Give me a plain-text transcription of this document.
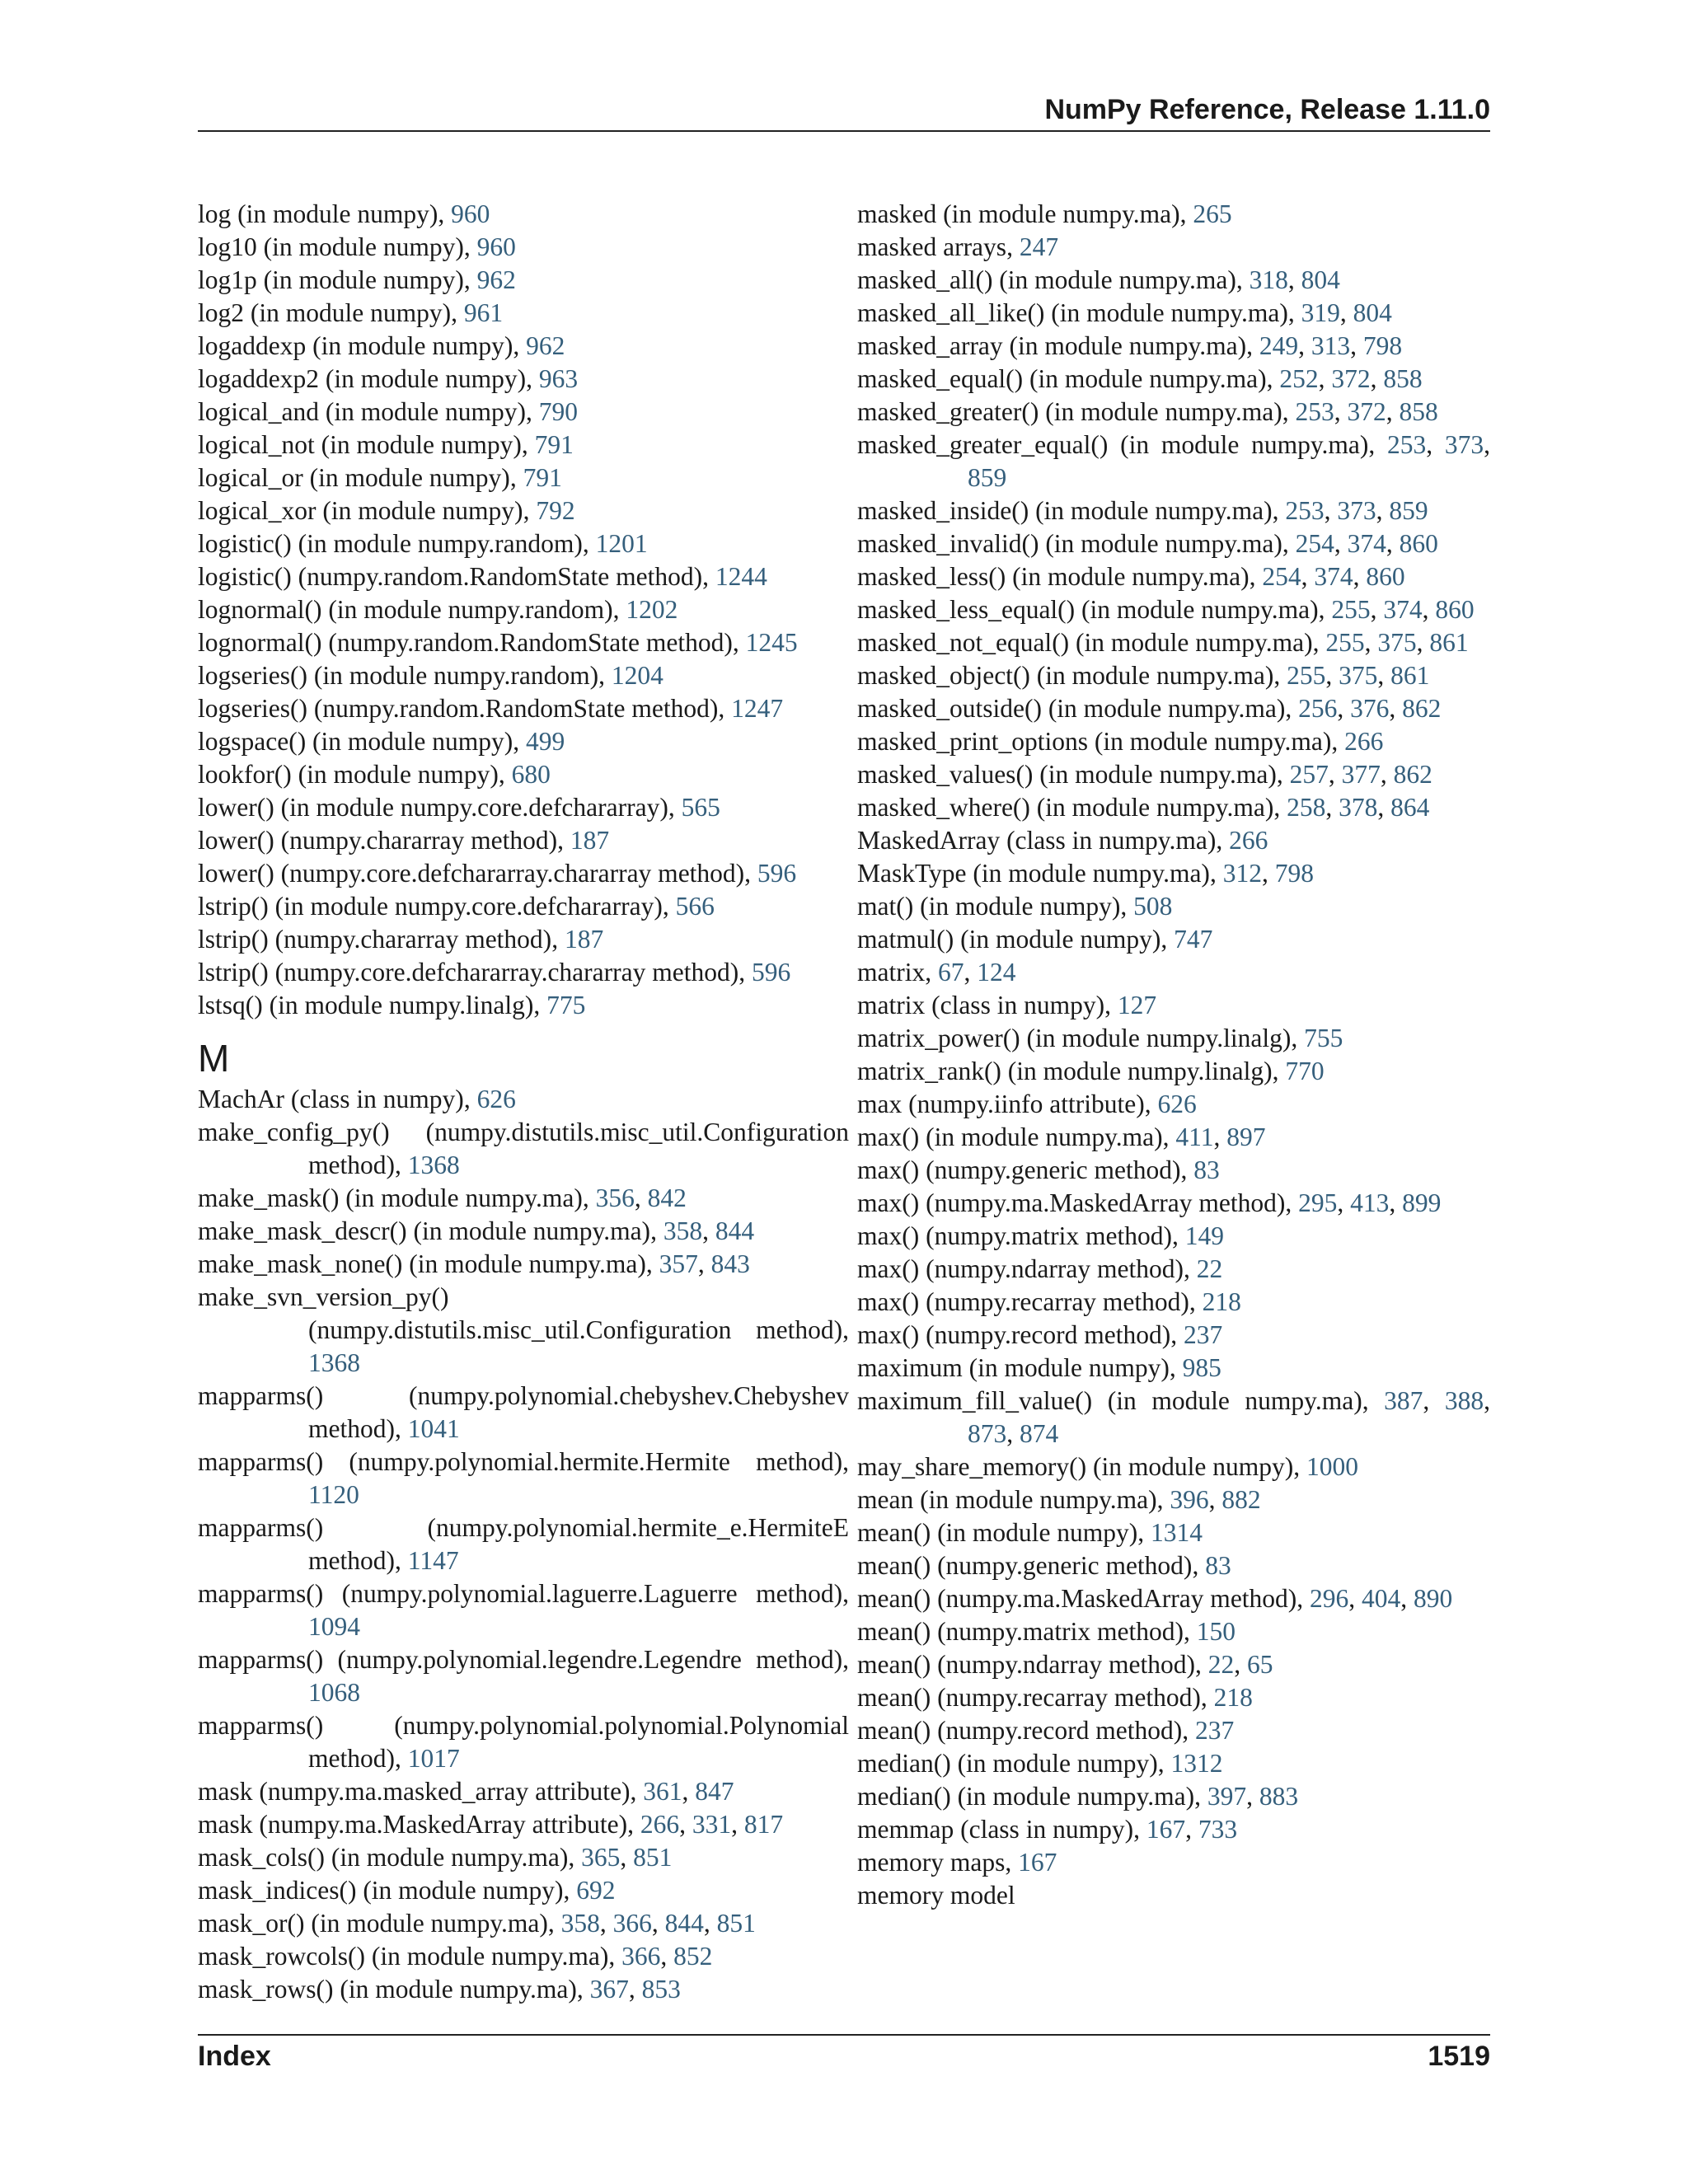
NumPy Reference, Release 1.11.0
log (in module numpy), 960
log10 (in module numpy), 960
log1p (in module numpy), 962
log2 (in module numpy), 961
logaddexp (in module numpy), 962
logaddexp2 (in module numpy), 963
logical_and (in module numpy), 790
logical_not (in module numpy), 791
logical_or (in module numpy), 791
logical_xor (in module numpy), 792
logistic() (in module numpy.random), 1201
logistic() (numpy.random.RandomState method), 1244
lognormal() (in module numpy.random), 1202
lognormal() (numpy.random.RandomState method), 1245
logseries() (in module numpy.random), 1204
logseries() (numpy.random.RandomState method), 1247
logspace() (in module numpy), 499
lookfor() (in module numpy), 680
lower() (in module numpy.core.defchararray), 565
lower() (numpy.chararray method), 187
lower() (numpy.core.defchararray.chararray method), 596
lstrip() (in module numpy.core.defchararray), 566
lstrip() (numpy.chararray method), 187
lstrip() (numpy.core.defchararray.chararray method), 596
lstsq() (in module numpy.linalg), 775
M
MachAr (class in numpy), 626
make_config_py() (numpy.distutils.misc_util.Configuration method), 1368
make_mask() (in module numpy.ma), 356, 842
make_mask_descr() (in module numpy.ma), 358, 844
make_mask_none() (in module numpy.ma), 357, 843
make_svn_version_py() (numpy.distutils.misc_util.Configuration method), 1368
mapparms() (numpy.polynomial.chebyshev.Chebyshev method), 1041
mapparms() (numpy.polynomial.hermite.Hermite method), 1120
mapparms() (numpy.polynomial.hermite_e.HermiteE method), 1147
mapparms() (numpy.polynomial.laguerre.Laguerre method), 1094
mapparms() (numpy.polynomial.legendre.Legendre method), 1068
mapparms() (numpy.polynomial.polynomial.Polynomial method), 1017
mask (numpy.ma.masked_array attribute), 361, 847
mask (numpy.ma.MaskedArray attribute), 266, 331, 817
mask_cols() (in module numpy.ma), 365, 851
mask_indices() (in module numpy), 692
mask_or() (in module numpy.ma), 358, 366, 844, 851
mask_rowcols() (in module numpy.ma), 366, 852
mask_rows() (in module numpy.ma), 367, 853
masked (in module numpy.ma), 265
masked arrays, 247
masked_all() (in module numpy.ma), 318, 804
masked_all_like() (in module numpy.ma), 319, 804
masked_array (in module numpy.ma), 249, 313, 798
masked_equal() (in module numpy.ma), 252, 372, 858
masked_greater() (in module numpy.ma), 253, 372, 858
masked_greater_equal() (in module numpy.ma), 253, 373, 859
masked_inside() (in module numpy.ma), 253, 373, 859
masked_invalid() (in module numpy.ma), 254, 374, 860
masked_less() (in module numpy.ma), 254, 374, 860
masked_less_equal() (in module numpy.ma), 255, 374, 860
masked_not_equal() (in module numpy.ma), 255, 375, 861
masked_object() (in module numpy.ma), 255, 375, 861
masked_outside() (in module numpy.ma), 256, 376, 862
masked_print_options (in module numpy.ma), 266
masked_values() (in module numpy.ma), 257, 377, 862
masked_where() (in module numpy.ma), 258, 378, 864
MaskedArray (class in numpy.ma), 266
MaskType (in module numpy.ma), 312, 798
mat() (in module numpy), 508
matmul() (in module numpy), 747
matrix, 67, 124
matrix (class in numpy), 127
matrix_power() (in module numpy.linalg), 755
matrix_rank() (in module numpy.linalg), 770
max (numpy.iinfo attribute), 626
max() (in module numpy.ma), 411, 897
max() (numpy.generic method), 83
max() (numpy.ma.MaskedArray method), 295, 413, 899
max() (numpy.matrix method), 149
max() (numpy.ndarray method), 22
max() (numpy.recarray method), 218
max() (numpy.record method), 237
maximum (in module numpy), 985
maximum_fill_value() (in module numpy.ma), 387, 388, 873, 874
may_share_memory() (in module numpy), 1000
mean (in module numpy.ma), 396, 882
mean() (in module numpy), 1314
mean() (numpy.generic method), 83
mean() (numpy.ma.MaskedArray method), 296, 404, 890
mean() (numpy.matrix method), 150
mean() (numpy.ndarray method), 22, 65
mean() (numpy.recarray method), 218
mean() (numpy.record method), 237
median() (in module numpy), 1312
median() (in module numpy.ma), 397, 883
memmap (class in numpy), 167, 733
memory maps, 167
memory model
Index	1519
